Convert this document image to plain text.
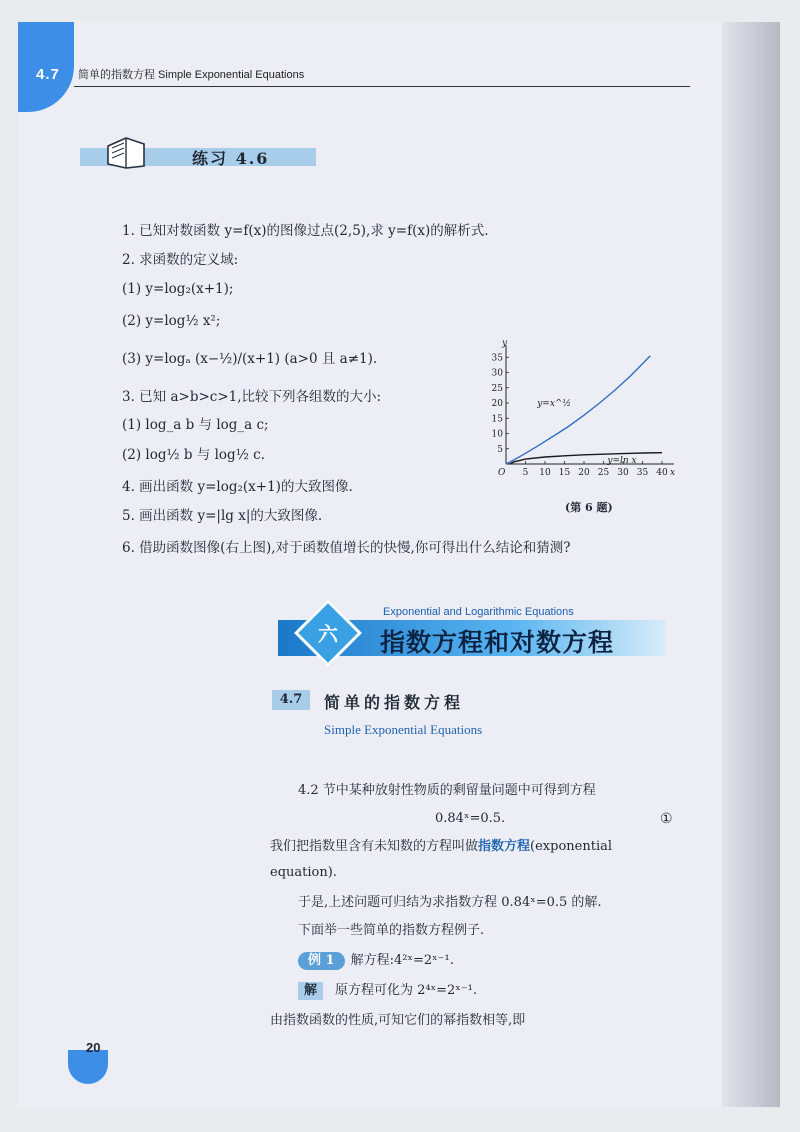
4.7 简单的指数方程 Simple Exponential Equations
练习 4.6
1. 已知对数函数 y=f(x)的图像过点(2,5),求 y=f(x)的解析式.
2. 求函数的定义域:
(1) y=log₂(x+1);
(2) y=log½ x²;
(3) y=logₐ (x−½)/(x+1) (a>0 且 a≠1).
3. 已知 a>b>c>1,比较下列各组数的大小:
(1) log_a b 与 log_a c;
(2) log½ b 与 log½ c.
4. 画出函数 y=log₂(x+1)的大致图像.
5. 画出函数 y=|lg x|的大致图像.
6. 借助函数图像(右上图),对于函数值增长的快慢,你可得出什么结论和猜测?
5 10 15 20 25 30 35 40
5
10
15
20
25
30
35
O	x
y
y=x^½
y=ln x
(第 6 题)
六
Exponential and Logarithmic Equations
指数方程和对数方程
4.7	简单的指数方程
Simple Exponential Equations
4.2 节中某种放射性物质的剩留量问题中可得到方程
0.84ˣ=0.5.	①
我们把指数里含有未知数的方程叫做指数方程(exponential
equation).
于是,上述问题可归结为求指数方程 0.84ˣ=0.5 的解.
下面举一些简单的指数方程例子.
例 1 解方程:4²ˣ=2ˣ⁻¹.
解 原方程可化为 2⁴ˣ=2ˣ⁻¹.
由指数函数的性质,可知它们的幂指数相等,即
20
